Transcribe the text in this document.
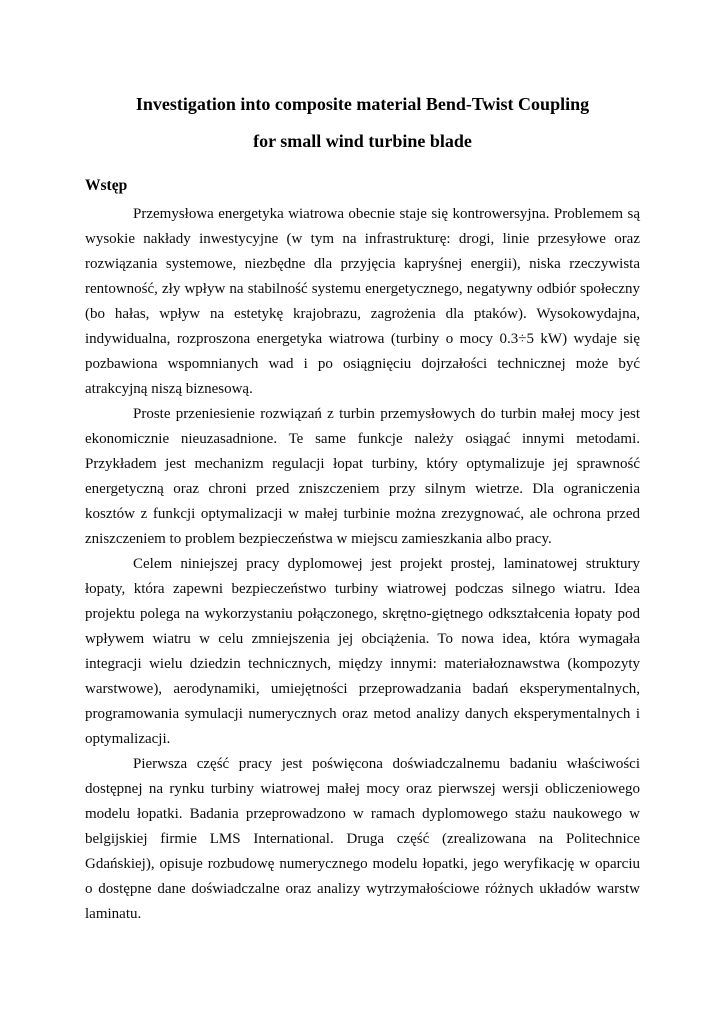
Investigation into composite material Bend-Twist Coupling
for small wind turbine blade
Wstęp

Przemysłowa energetyka wiatrowa obecnie staje się kontrowersyjna. Problemem są wysokie nakłady inwestycyjne (w tym na infrastrukturę: drogi, linie przesyłowe oraz rozwiązania systemowe, niezbędne dla przyjęcia kapryśnej energii), niska rzeczywista rentowność, zły wpływ na stabilność systemu energetycznego, negatywny odbiór społeczny (bo hałas, wpływ na estetykę krajobrazu, zagrożenia dla ptaków). Wysokowydajna, indywidualna, rozproszona energetyka wiatrowa (turbiny o mocy 0.3÷5 kW) wydaje się pozbawiona wspomnianych wad i po osiągnięciu dojrzałości technicznej może być atrakcyjną niszą biznesową.

Proste przeniesienie rozwiązań z turbin przemysłowych do turbin małej mocy jest ekonomicznie nieuzasadnione. Te same funkcje należy osiągać innymi metodami. Przykładem jest mechanizm regulacji łopat turbiny, który optymalizuje jej sprawność energetyczną oraz chroni przed zniszczeniem przy silnym wietrze. Dla ograniczenia kosztów z funkcji optymalizacji w małej turbinie można zrezygnować, ale ochrona przed zniszczeniem to problem bezpieczeństwa w miejscu zamieszkania albo pracy.

Celem niniejszej pracy dyplomowej jest projekt prostej, laminatowej struktury łopaty, która zapewni bezpieczeństwo turbiny wiatrowej podczas silnego wiatru. Idea projektu polega na wykorzystaniu połączonego, skrętno-giętnego odkształcenia łopaty pod wpływem wiatru w celu zmniejszenia jej obciążenia. To nowa idea, która wymagała integracji wielu dziedzin technicznych, między innymi: materiałoznawstwa (kompozyty warstwowe), aerodynamiki, umiejętności przeprowadzania badań eksperymentalnych, programowania symulacji numerycznych oraz metod analizy danych eksperymentalnych i optymalizacji.

Pierwsza część pracy jest poświęcona doświadczalnemu badaniu właściwości dostępnej na rynku turbiny wiatrowej małej mocy oraz pierwszej wersji obliczeniowego modelu łopatki. Badania przeprowadzono w ramach dyplomowego stażu naukowego w belgijskiej firmie LMS International. Druga część (zrealizowana na Politechnice Gdańskiej), opisuje rozbudowę numerycznego modelu łopatki, jego weryfikację w oparciu o dostępne dane doświadczalne oraz analizy wytrzymałościowe różnych układów warstw laminatu.
